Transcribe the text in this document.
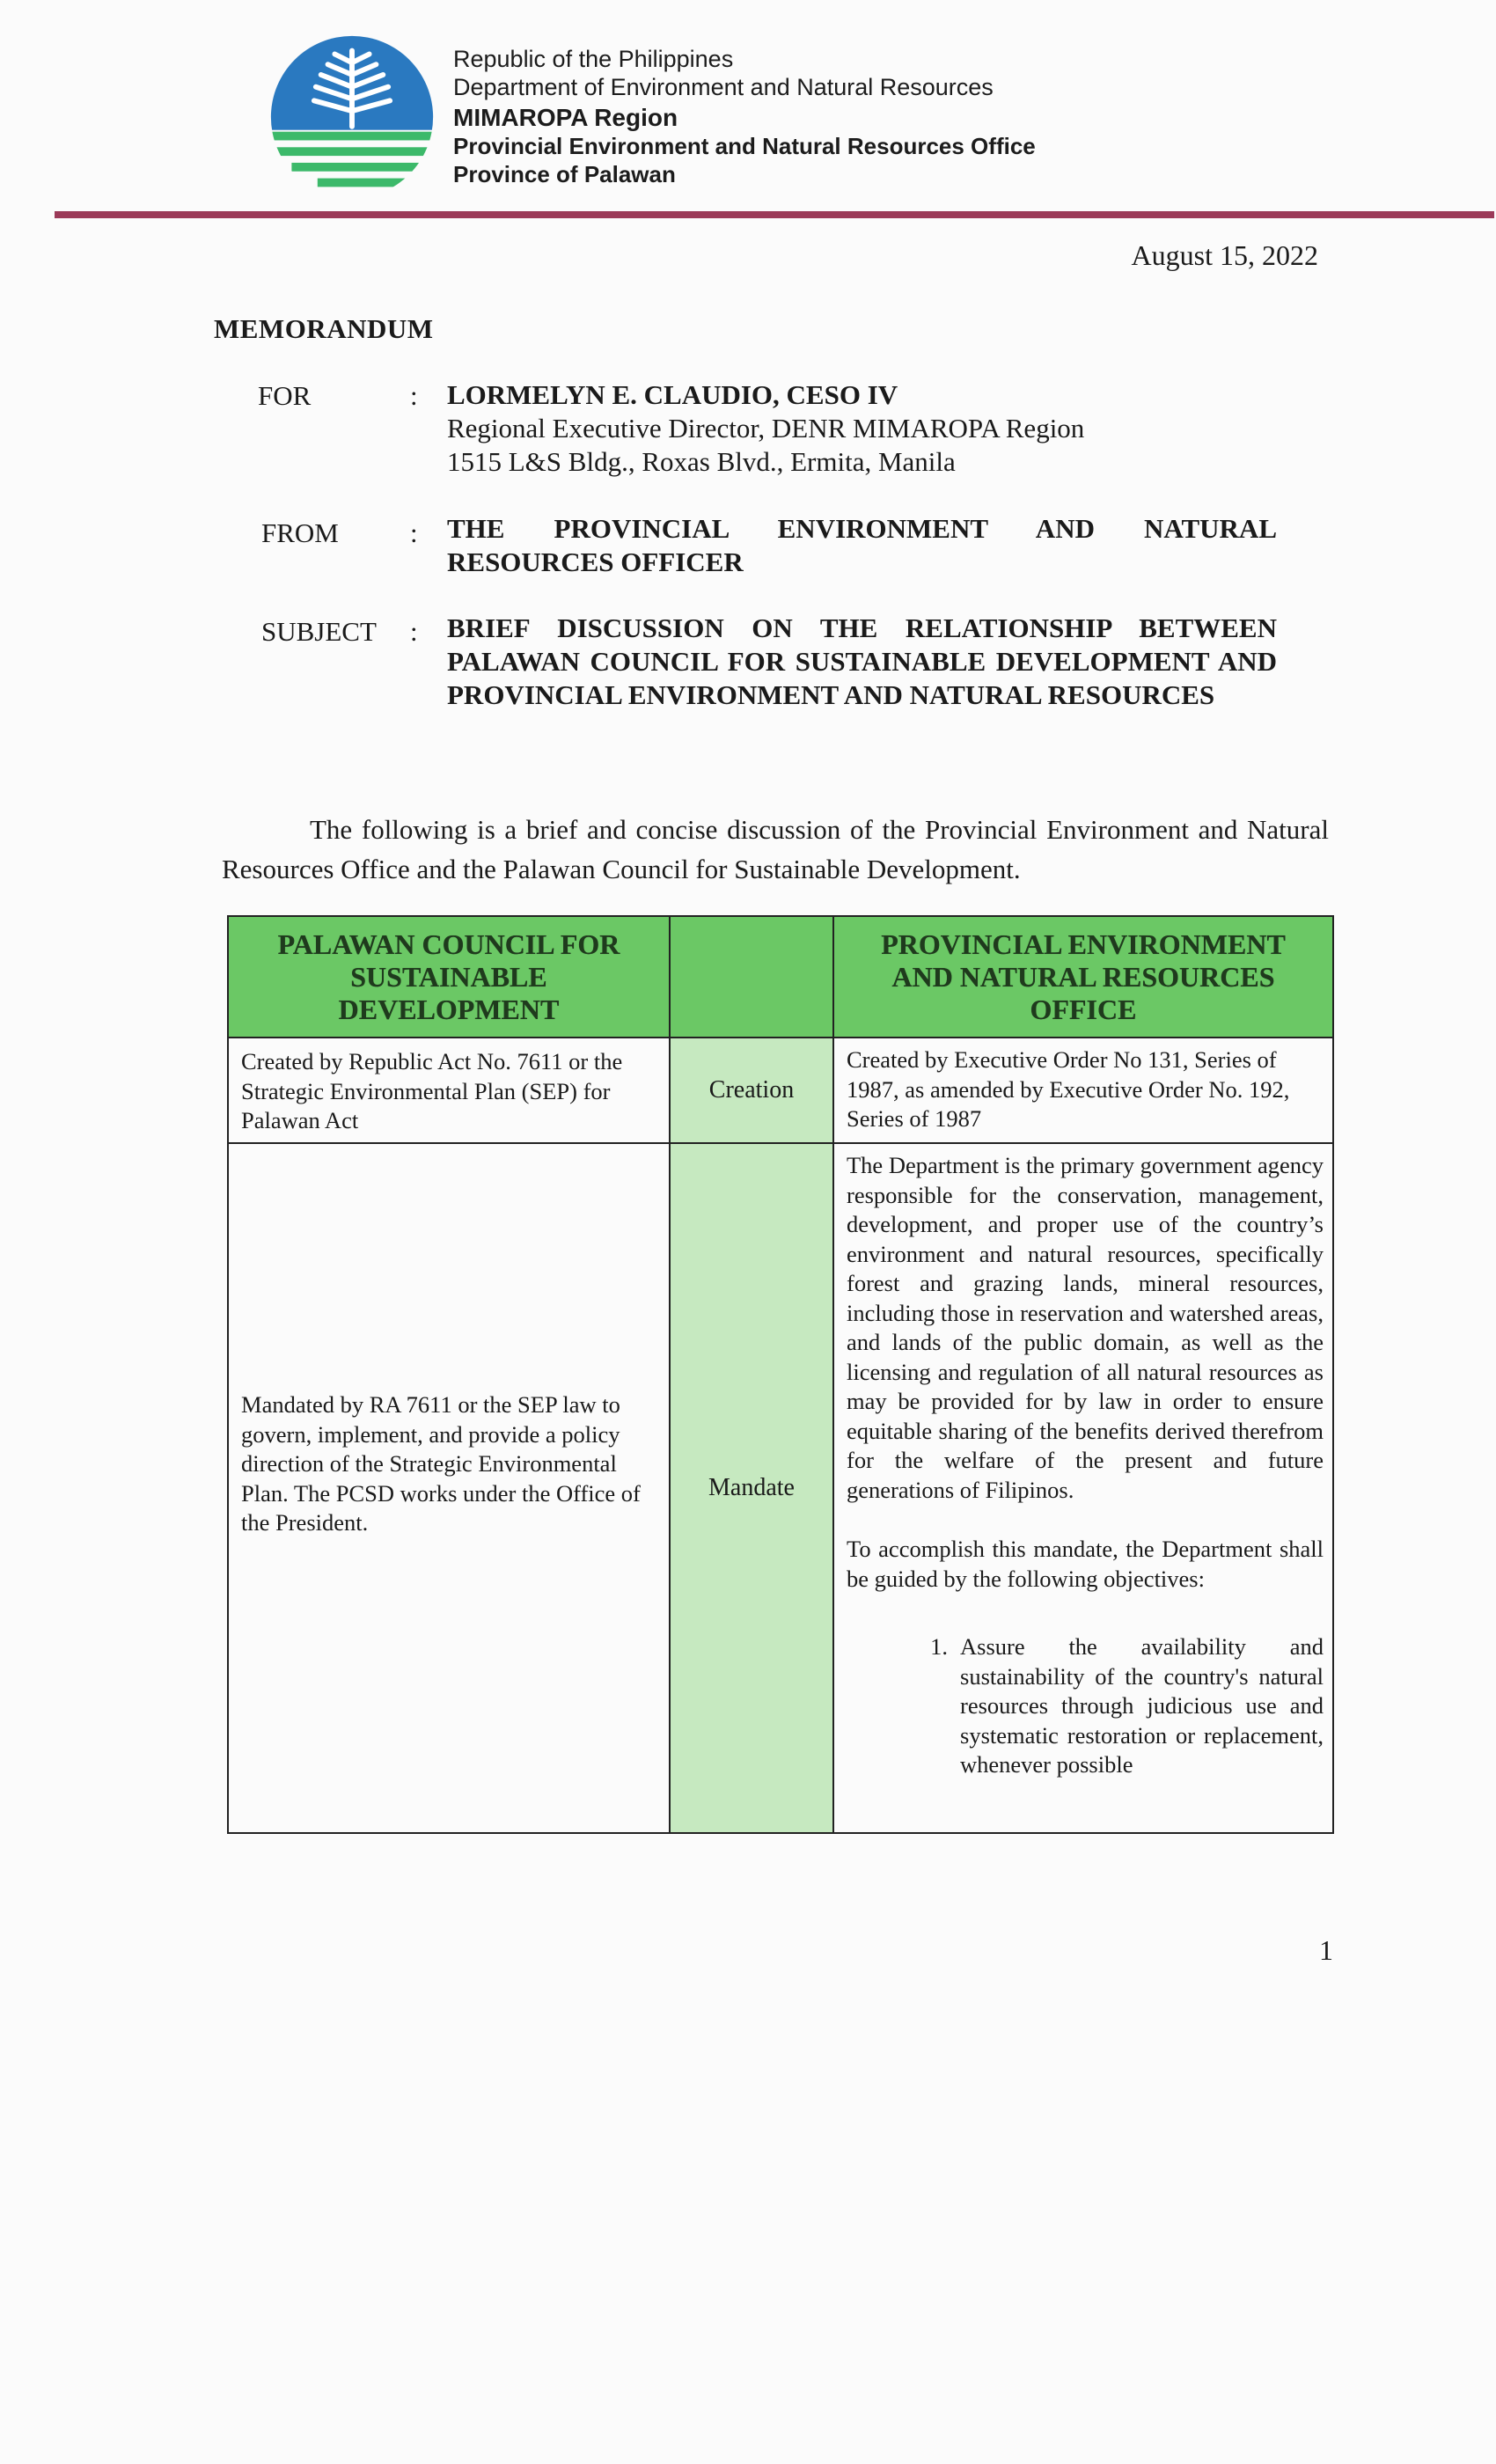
Republic of the Philippines
Department of Environment and Natural Resources
MIMAROPA Region
Provincial Environment and Natural Resources Office
Province of Palawan
August 15, 2022
MEMORANDUM
FOR	: LORMELYN E. CLAUDIO, CESO IV
Regional Executive Director, DENR MIMAROPA Region
1515 L&S Bldg., Roxas Blvd., Ermita, Manila
FROM	: THE PROVINCIAL ENVIRONMENT AND NATURAL RESOURCES OFFICER
SUBJECT : BRIEF DISCUSSION ON THE RELATIONSHIP BETWEEN PALAWAN COUNCIL FOR SUSTAINABLE DEVELOPMENT AND PROVINCIAL ENVIRONMENT AND NATURAL RESOURCES
The following is a brief and concise discussion of the Provincial Environment and Natural Resources Office and the Palawan Council for Sustainable Development.
PALAWAN COUNCIL FOR SUSTAINABLE DEVELOPMENT		PROVINCIAL ENVIRONMENT AND NATURAL RESOURCES OFFICE
Created by Republic Act No. 7611 or the Strategic Environmental Plan (SEP) for Palawan Act	Creation	Created by Executive Order No 131, Series of 1987, as amended by Executive Order No. 192, Series of 1987
Mandated by RA 7611 or the SEP law to govern, implement, and provide a policy direction of the Strategic Environmental Plan. The PCSD works under the Office of the President.	Mandate	The Department is the primary government agency responsible for the conservation, management, development, and proper use of the country’s environment and natural resources, specifically forest and grazing lands, mineral resources, including those in reservation and watershed areas, and lands of the public domain, as well as the licensing and regulation of all natural resources as may be provided for by law in order to ensure equitable sharing of the benefits derived therefrom for the welfare of the present and future generations of Filipinos.
To accomplish this mandate, the Department shall be guided by the following objectives:
1. Assure the availability and sustainability of the country's natural resources through judicious use and systematic restoration or replacement, whenever possible
1
